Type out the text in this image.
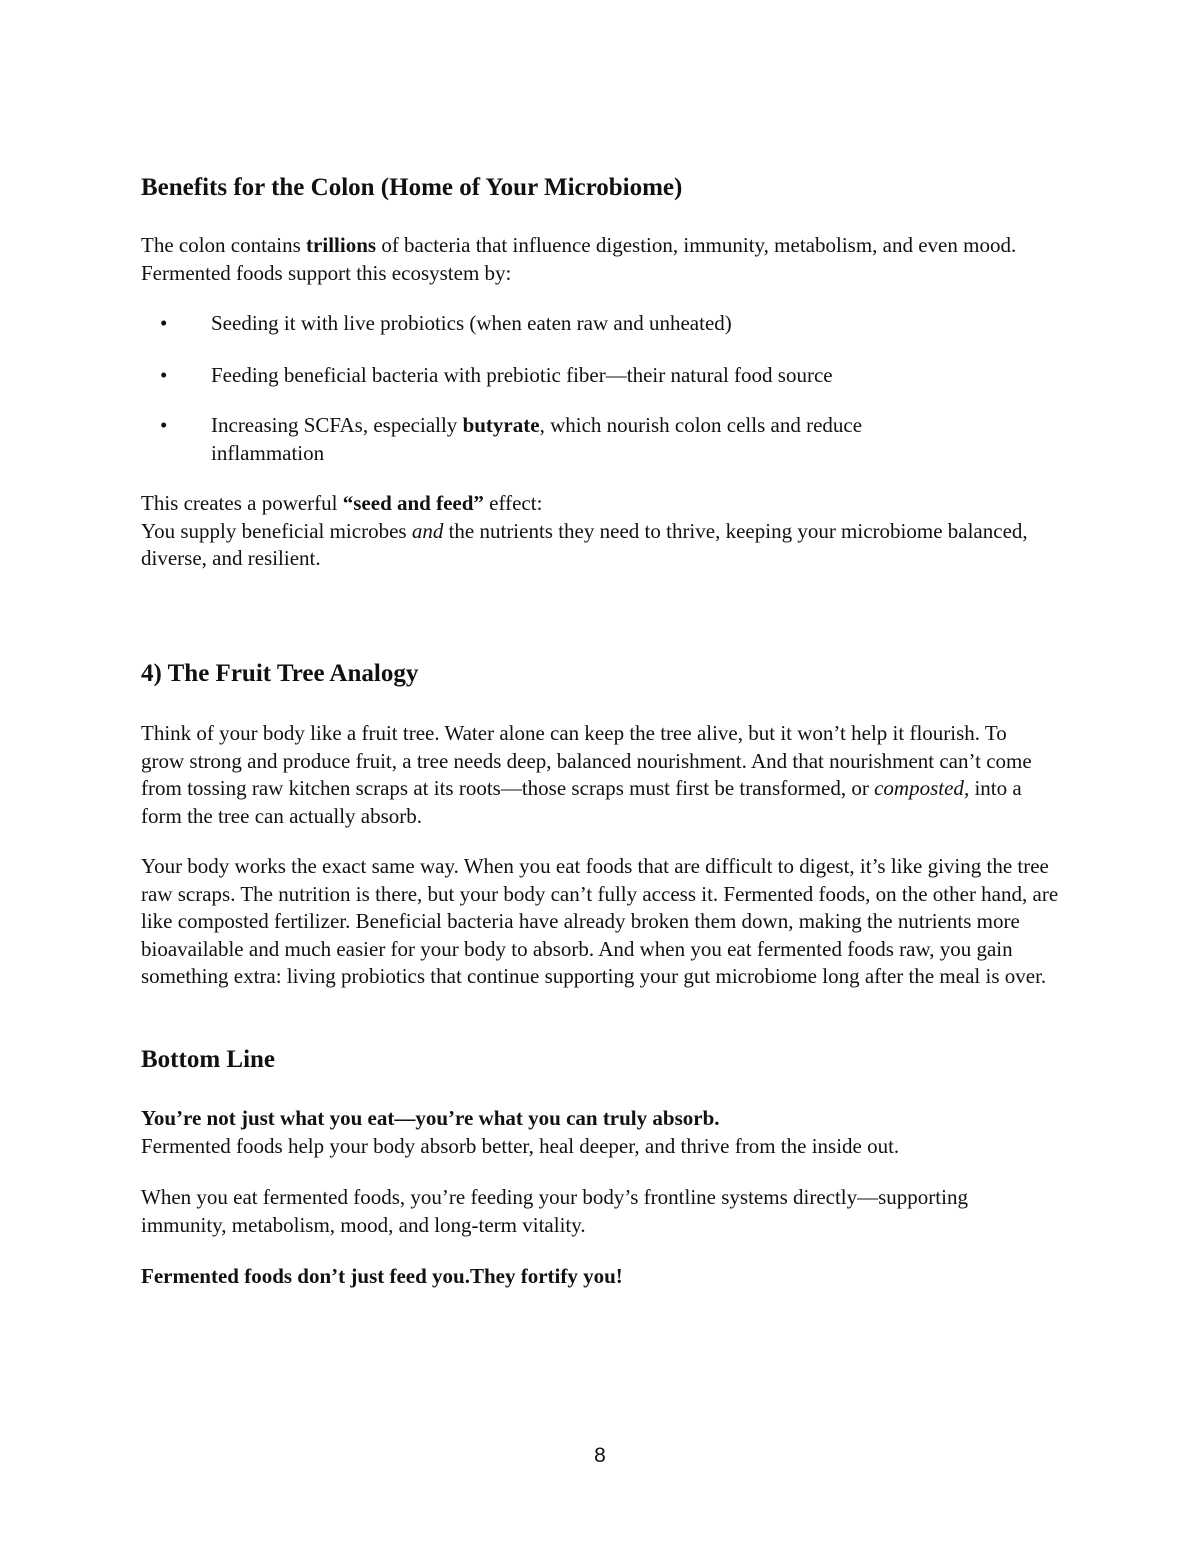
Benefits for the Colon (Home of Your Microbiome)

The colon contains trillions of bacteria that influence digestion, immunity, metabolism, and even mood. Fermented foods support this ecosystem by:

• Seeding it with live probiotics (when eaten raw and unheated)
• Feeding beneficial bacteria with prebiotic fiber—their natural food source
• Increasing SCFAs, especially butyrate, which nourish colon cells and reduce inflammation

This creates a powerful “seed and feed” effect:
You supply beneficial microbes and the nutrients they need to thrive, keeping your microbiome balanced, diverse, and resilient.

4) The Fruit Tree Analogy

Think of your body like a fruit tree. Water alone can keep the tree alive, but it won’t help it flourish. To grow strong and produce fruit, a tree needs deep, balanced nourishment. And that nourishment can’t come from tossing raw kitchen scraps at its roots—those scraps must first be transformed, or composted, into a form the tree can actually absorb.

Your body works the exact same way. When you eat foods that are difficult to digest, it’s like giving the tree raw scraps. The nutrition is there, but your body can’t fully access it. Fermented foods, on the other hand, are like composted fertilizer. Beneficial bacteria have already broken them down, making the nutrients more bioavailable and much easier for your body to absorb. And when you eat fermented foods raw, you gain something extra: living probiotics that continue supporting your gut microbiome long after the meal is over.

Bottom Line

You’re not just what you eat—you’re what you can truly absorb.
Fermented foods help your body absorb better, heal deeper, and thrive from the inside out.

When you eat fermented foods, you’re feeding your body’s frontline systems directly—supporting immunity, metabolism, mood, and long-term vitality.

Fermented foods don’t just feed you.They fortify you!

8
